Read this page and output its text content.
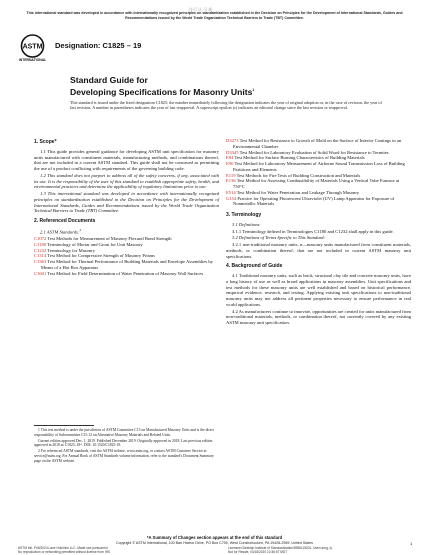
许可 认 可 新
This international standard was developed in accordance with internationally recognized principles on standardization established in the Decision on Principles for the Development of International Standards, Guides and Recommendations issued by the World Trade Organization Technical Barriers to Trade (TBT) Committee.
ASTM
INTERNATIONAL
Designation: C1825 – 19
Standard Guide for
Developing Specifications for Masonry Units$^1$
This standard is issued under the fixed designation C1825; the number immediately following the designation indicates the year of original adoption or, in the case of revision, the year of last revision. A number in parentheses indicates the year of last reapproval. A superscript epsilon (ε) indicates an editorial change since the last revision or reapproval.
1. Scope*

1.1 This guide provides general guidance for developing ASTM unit specification for masonry units manufactured with constituent materials, manufacturing methods, and combinations thereof, that are not included in a current ASTM standard. This guide shall not be construed as permitting the use of a product conflicting with requirements of the governing building code.

1.2 This standard does not purport to address all of the safety concerns, if any, associated with its use. It is the responsibility of the user of this standard to establish appropriate safety, health, and environmental practices and determine the applicability of regulatory limitations prior to use.

1.3 This international standard was developed in accordance with internationally recognized principles on standardization established in the Decision on Principles for the Development of International Standards, Guides and Recommendations issued by the World Trade Organization Technical Barriers to Trade (TBT) Committee.

2. Referenced Documents
2.1 ASTM Standards:$^2$

C1072 Test Methods for Measurement of Masonry Flexural Bond Strength

C1180 Terminology of Mortar and Grout for Unit Masonry

C1232 Terminology for Masonry

C1314 Test Method for Compressive Strength of Masonry Prisms

C1363 Test Method for Thermal Performance of Building Materials and Envelope Assemblies by Means of a Hot Box Apparatus

C1601 Test Method for Field Determination of Water Penetration of Masonry Wall Surfaces

D3273 Test Method for Resistance to Growth of Mold on the Surface of Interior Coatings in an Environmental Chamber

D3345 Test Method for Laboratory Evaluation of Solid Wood for Resistance to Termites

E84 Test Method for Surface Burning Characteristics of Building Materials

E90 Test Method for Laboratory Measurement of Airborne Sound Transmission Loss of Building Partitions and Elements

E119 Test Methods for Fire Tests of Building Construction and Materials

E136 Test Method for Assessing Combustibility of Materials Using a Vertical Tube Furnace at 750°C

E514 Test Method for Water Penetration and Leakage Through Masonry

G154 Practice for Operating Fluorescent Ultraviolet (UV) Lamp Apparatus for Exposure of Nonmetallic Materials

3. Terminology
3.1 Definitions:

3.1.1 Terminology defined in Terminologies C1180 and C1232 shall apply in this guide.

3.2 Definitions of Terms Specific to This Standard:

3.2.1 non-traditional masonry units, n—masonry units manufactured from constituent materials, methods, or combination thereof, that are not included in current ASTM masonry unit specifications.

4. Background of Guide

4.1 Traditional masonry units, such as brick, structural clay tile and concrete masonry units, have a long history of use as well as broad applications in masonry assemblies. Unit specifications and test methods for these masonry units are well established and based on historical performance, empirical evidence, research, and testing. Applying existing unit specifications to non-traditional masonry units may not address all pertinent properties necessary to ensure performance in real world applications.

4.2 As manufacturers continue to innovate, opportunities are created for units manufactured from non-traditional materials, methods, or combination thereof, not currently covered by any existing ASTM masonry unit specification.

1 This test method is under the jurisdiction of ASTM Committee C15 on Manufactured Masonry Units and is the direct responsibility of Subcommittee C15.12 on Alternative Masonry Materials and Related Units.

Current edition approved Dec. 1, 2019. Published December 2019. Originally approved in 2018. Last previous edition approved in 2018 as C1825–18ᵉ¹. DOI: 10.1520/C1825-19.

2 For referenced ASTM standards, visit the ASTM website, www.astm.org, or contact ASTM Customer Service at service@astm.org. For Annual Book of ASTM Standards volume information, refer to the standard's Document Summary page on the ASTM website.

*A Summary of Changes section appears at the end of this standard
Copyright © ASTM International, 100 Barr Harbor Drive, PO Box C700, West Conshohocken, PA 19428-2959. United States	1
ASTM Intl. Pr/5/2024 Lane Hutchins LLC. Made use pursuant to
No reproduction or networking permitted without license from IHS
Licensee=Desktop Institute of Standardization/5956115001, User=sorg, ly
Not for Resale, 04/16/2020 10:36:57 MDT
